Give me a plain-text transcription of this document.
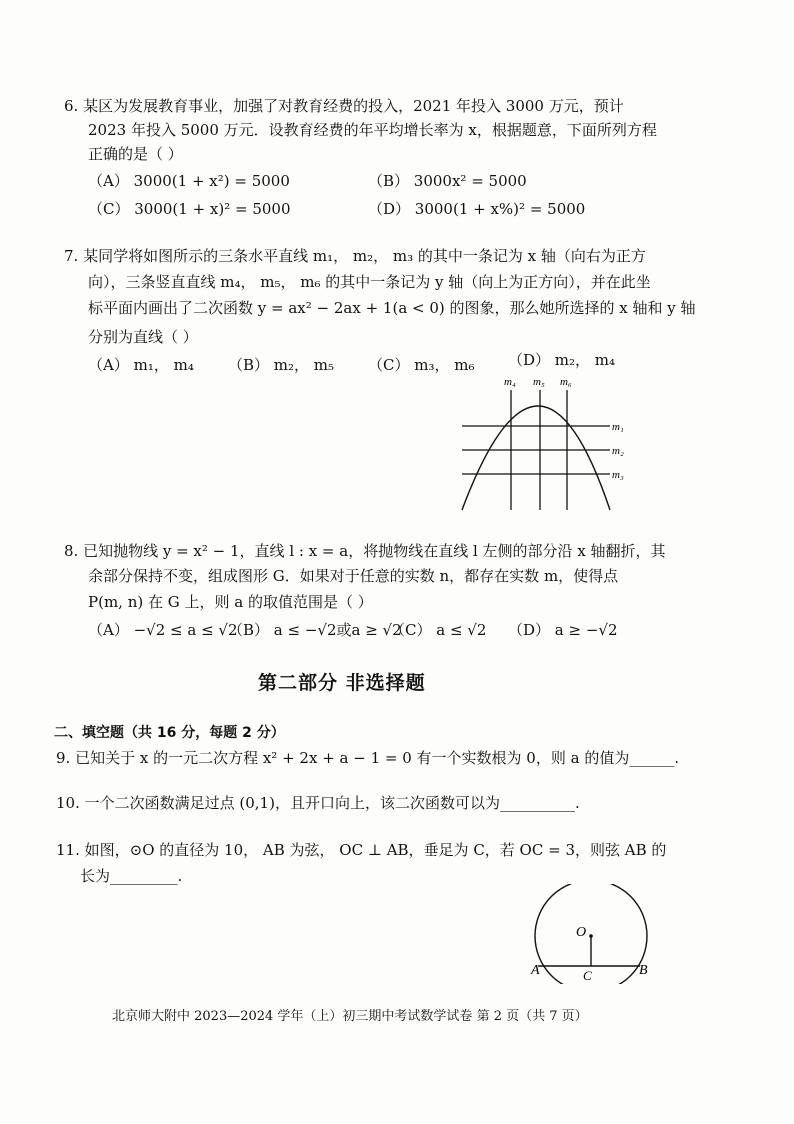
6. 某区为发展教育事业，加强了对教育经费的投入，2021 年投入 3000 万元，预计
2023 年投入 5000 万元．设教育经费的年平均增长率为 x，根据题意，下面所列方程
正确的是（ ）
（A） 3000(1 + x²) = 5000	（B） 3000x² = 5000
（C） 3000(1 + x)² = 5000	（D） 3000(1 + x%)² = 5000
7. 某同学将如图所示的三条水平直线 m₁， m₂， m₃ 的其中一条记为 x 轴（向右为正方
向），三条竖直直线 m₄， m₅， m₆ 的其中一条记为 y 轴（向上为正方向），并在此坐
标平面内画出了二次函数 y = ax² − 2ax + 1(a < 0) 的图象，那么她所选择的 x 轴和 y 轴
分别为直线（ ）
（A） m₁， m₄ （B） m₂， m₅ （C） m₃， m₆ （D） m₂， m₄
m₁
m₂
m₃
m₄ m₅ m₆
8. 已知抛物线 y = x² − 1，直线 l : x = a，将抛物线在直线 l 左侧的部分沿 x 轴翻折，其
余部分保持不变，组成图形 G．如果对于任意的实数 n，都存在实数 m，使得点
P(m, n) 在 G 上，则 a 的取值范围是（ ）
（A） −√2 ≤ a ≤ √2
（B） a ≤ −√2或a ≥ √2
（C） a ≤ √2 （D） a ≥ −√2
第二部分 非选择题
二、填空题（共 16 分，每题 2 分）
9. 已知关于 x 的一元二次方程 x² + 2x + a − 1 = 0 有一个实数根为 0，则 a 的值为______.
10. 一个二次函数满足过点 (0,1)，且开口向上，该二次函数可以为__________.
11. 如图，⊙O 的直径为 10， AB 为弦， OC ⊥ AB，垂足为 C，若 OC = 3，则弦 AB 的
长为_________.
O
A	B
C
北京师大附中 2023—2024 学年（上）初三期中考试数学试卷 第 2 页（共 7 页）
